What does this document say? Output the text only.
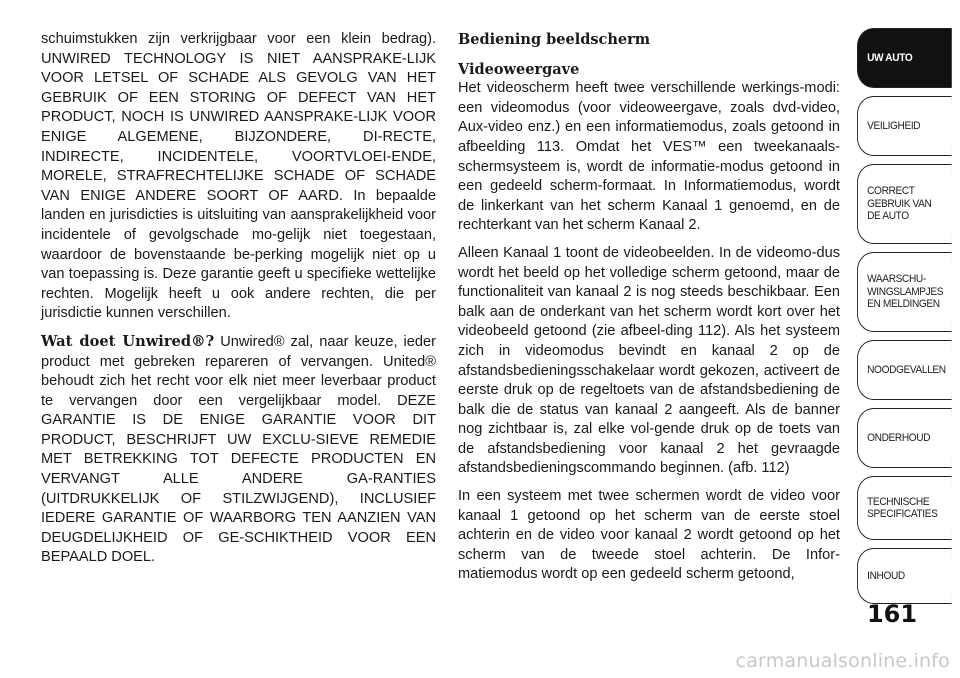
schuimstukken zijn verkrijgbaar voor een klein bedrag). UNWIRED TECHNOLOGY IS NIET AANSPRAKE-LIJK VOOR LETSEL OF SCHADE ALS GEVOLG VAN HET GEBRUIK OF EEN STORING OF DEFECT VAN HET PRODUCT, NOCH IS UNWIRED AANSPRAKE-LIJK VOOR ENIGE ALGEMENE, BIJZONDERE, DI-RECTE, INDIRECTE, INCIDENTELE, VOORTVLOEI-ENDE, MORELE, STRAFRECHTELIJKE SCHADE OF SCHADE VAN ENIGE ANDERE SOORT OF AARD. In bepaalde landen en jurisdicties is uitsluiting van aansprakelijkheid voor incidentele of gevolgschade mo-gelijk niet toegestaan, waardoor de bovenstaande be-perking mogelijk niet op u van toepassing is. Deze garantie geeft u specifieke wettelijke rechten. Mogelijk heeft u ook andere rechten, die per jurisdictie kunnen verschillen.

Wat doet Unwired®? Unwired® zal, naar keuze, ieder product met gebreken repareren of vervangen. United® behoudt zich het recht voor elk niet meer leverbaar product te vervangen door een vergelijkbaar model. DEZE GARANTIE IS DE ENIGE GARANTIE VOOR DIT PRODUCT, BESCHRIJFT UW EXCLU-SIEVE REMEDIE MET BETREKKING TOT DEFECTE PRODUCTEN EN VERVANGT ALLE ANDERE GA-RANTIES (UITDRUKKELIJK OF STILZWIJGEND), INCLUSIEF IEDERE GARANTIE OF WAARBORG TEN AANZIEN VAN DEUGDELIJKHEID OF GE-SCHIKTHEID VOOR EEN BEPAALD DOEL.

Bediening beeldscherm
Videoweergave

Het videoscherm heeft twee verschillende werkings-modi: een videomodus (voor videoweergave, zoals dvd-video, Aux-video enz.) en een informatiemodus, zoals getoond in afbeelding 113. Omdat het VES™ een tweekanaals-schermsysteem is, wordt de informatie-modus getoond in een gedeeld scherm-formaat. In Informatiemodus, wordt de linkerkant van het scherm Kanaal 1 genoemd, en de rechterkant van het scherm Kanaal 2.

Alleen Kanaal 1 toont de videobeelden. In de videomo-dus wordt het beeld op het volledige scherm getoond, maar de functionaliteit van kanaal 2 is nog steeds beschikbaar. Een balk aan de onderkant van het scherm wordt kort over het videobeeld getoond (zie afbeel-ding 112). Als het systeem zich in videomodus bevindt en kanaal 2 op de afstandsbedieningsschakelaar wordt gekozen, activeert de eerste druk op de regeltoets van de afstandsbediening de balk die de status van kanaal 2 aangeeft. Als de banner nog zichtbaar is, zal elke vol-gende druk op de toets van de afstandsbediening voor kanaal 2 het gevraagde afstandsbedieningscommando beginnen. (afb. 112)

In een systeem met twee schermen wordt de video voor kanaal 1 getoond op het scherm van de eerste stoel achterin en de video voor kanaal 2 wordt getoond op het scherm van de tweede stoel achterin. De Infor-matiemodus wordt op een gedeeld scherm getoond,

UW AUTO
VEILIGHEID
CORRECT
GEBRUIK VAN
DE AUTO
WAARSCHU-
WINGSLAMPJES
EN MELDINGEN
NOODGEVALLEN
ONDERHOUD
TECHNISCHE
SPECIFICATIES
INHOUD
161
carmanualsonline.info
